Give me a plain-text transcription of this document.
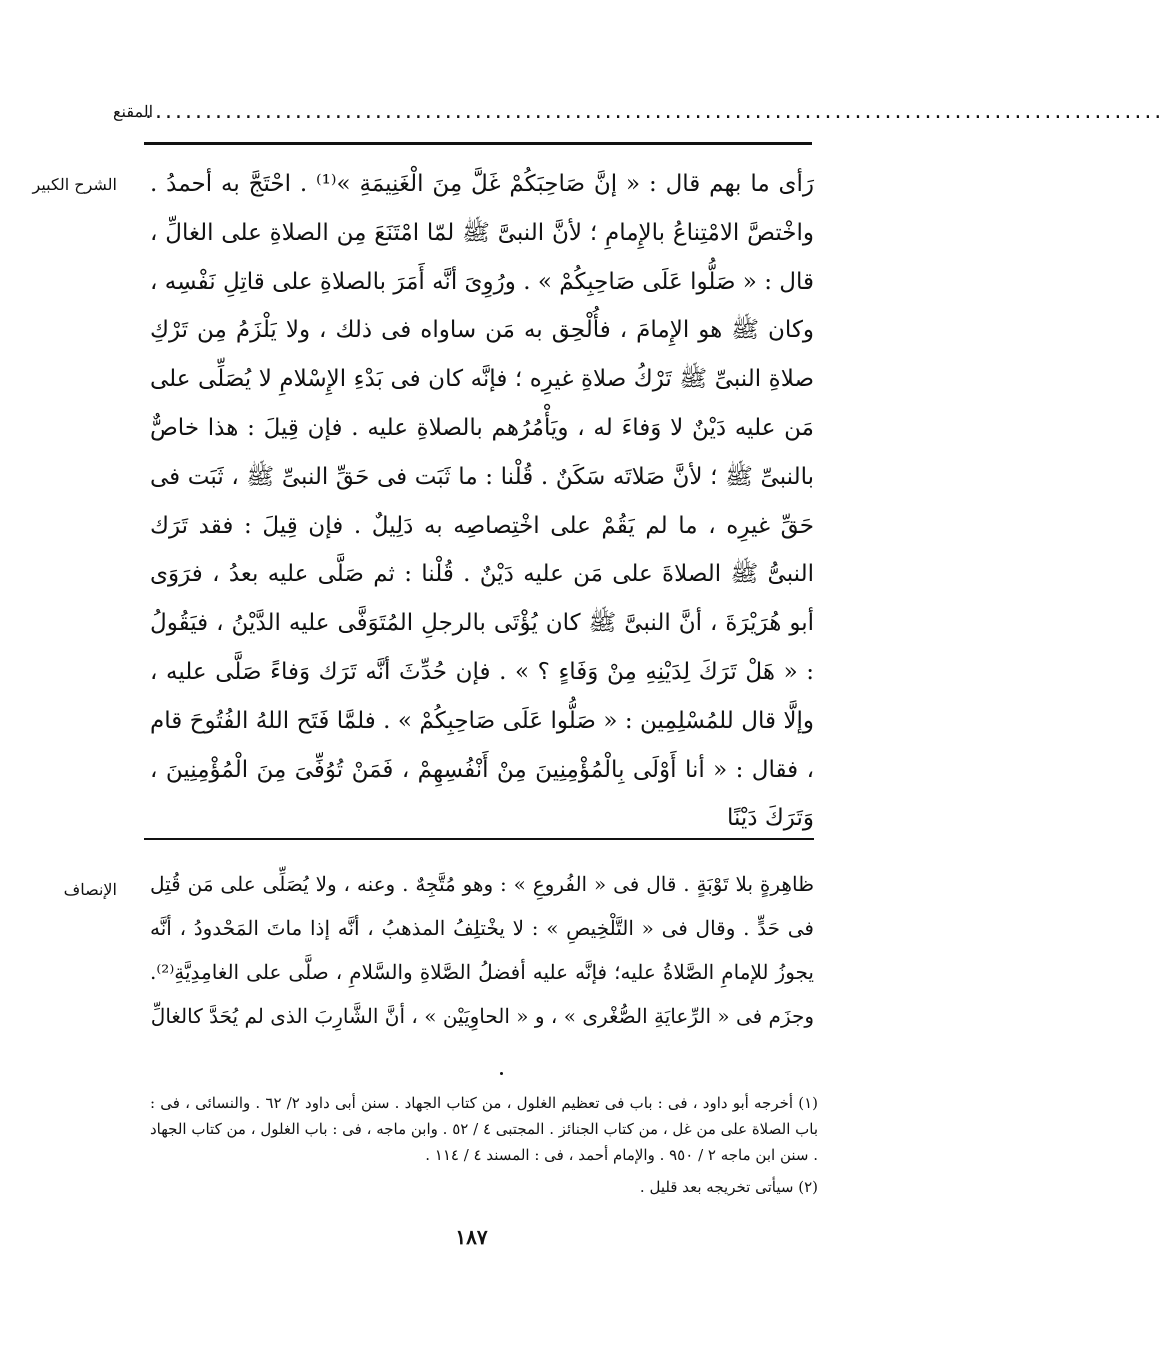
......................................................................................................
المقنع
الشرح الكبير رَأى ما بهم قال : « إنَّ صَاحِبَكُمْ غَلَّ مِنَ الْغَنِيمَةِ »⁽¹⁾ . احْتَجَّ به أحمدُ . واخْتصَّ الامْتِناعُ بالإِمامِ ؛ لأنَّ النبىَّ ﷺ لمّا امْتَنَعَ مِن الصلاةِ على الغالِّ ، قال : « صَلُّوا عَلَى صَاحِبِكُمْ » . ورُوِىَ أنَّه أَمَرَ بالصلاةِ على قاتِلِ نَفْسِه ، وكان ﷺ هو الإِمامَ ، فأُلْحِق به مَن ساواه فى ذلك ، ولا يَلْزَمُ مِن تَرْكِ صلاةِ النبىِّ ﷺ تَرْكُ صلاةِ غيرِه ؛ فإنَّه كان فى بَدْءِ الإِسْلامِ لا يُصَلِّى على مَن عليه دَيْنٌ لا وَفاءَ له ، ويَأْمُرُهم بالصلاةِ عليه . فإن قِيلَ : هذا خاصٌّ بالنبىِّ ﷺ ؛ لأنَّ صَلاتَه سَكَنٌ . قُلْنا : ما ثَبَت فى حَقِّ النبىِّ ﷺ ، ثَبَت فى حَقِّ غيرِه ، ما لم يَقُمْ على اخْتِصاصِه به دَلِيلٌ . فإن قِيلَ : فقد تَرَك النبىُّ ﷺ الصلاةَ على مَن عليه دَيْنٌ . قُلْنا : ثم صَلَّى عليه بعدُ ، فرَوَى أبو هُرَيْرَةَ ، أنَّ النبىَّ ﷺ كان يُؤْتَى بالرجلِ المُتَوَفَّى عليه الدَّيْنُ ، فيَقُولُ : « هَلْ تَرَكَ لِدَيْنِهِ مِنْ وَفَاءٍ ؟ » . فإن حُدِّثَ أنَّه تَرَك وَفاءً صَلَّى عليه ، وإلَّا قال للمُسْلِمِين : « صَلُّوا عَلَى صَاحِبِكُمْ » . فلمَّا فَتَح اللهُ الفُتُوحَ قام ، فقال : « أنا أَوْلَى بِالْمُؤْمِنِينَ مِنْ أَنْفُسِهِمْ ، فَمَنْ تُوُفِّىَ مِنَ الْمُؤْمِنِينَ ، وَتَرَكَ دَيْنًا
الإنصاف ظاهِرةٍ بلا تَوْبَةٍ . قال فى « الفُروعِ » : وهو مُتَّجِهٌ . وعنه ، ولا يُصَلِّى على مَن قُتِل فى حَدٍّ . وقال فى « التَّلْخِيصِ » : لا يخْتلِفُ المذهبُ ، أنَّه إذا ماتَ المَحْدودُ ، أنَّه يجوزُ للإمامِ الصَّلاةُ عليه؛ فإنَّه عليه أفضلُ الصَّلاةِ والسَّلامِ ، صلَّى على الغامِدِيَّةِ⁽²⁾. وجزَم فى « الرِّعايَةِ الصُّغْرى » ، و « الحاوِيَيْن » ، أنَّ الشَّارِبَ الذى لم يُحَدَّ كالغالِّ

(١) أخرجه أبو داود ، فى : باب فى تعظيم الغلول ، من كتاب الجهاد . سنن أبى داود ٢/ ٦٢ . والنسائى ، فى : باب الصلاة على من غل ، من كتاب الجنائز . المجتبى ٤ / ٥٢ . وابن ماجه ، فى : باب الغلول ، من كتاب الجهاد . سنن ابن ماجه ٢ / ٩٥٠ . والإمام أحمد ، فى : المسند ٤ / ١١٤ .

(٢) سيأتى تخريجه بعد قليل .

١٨٧
